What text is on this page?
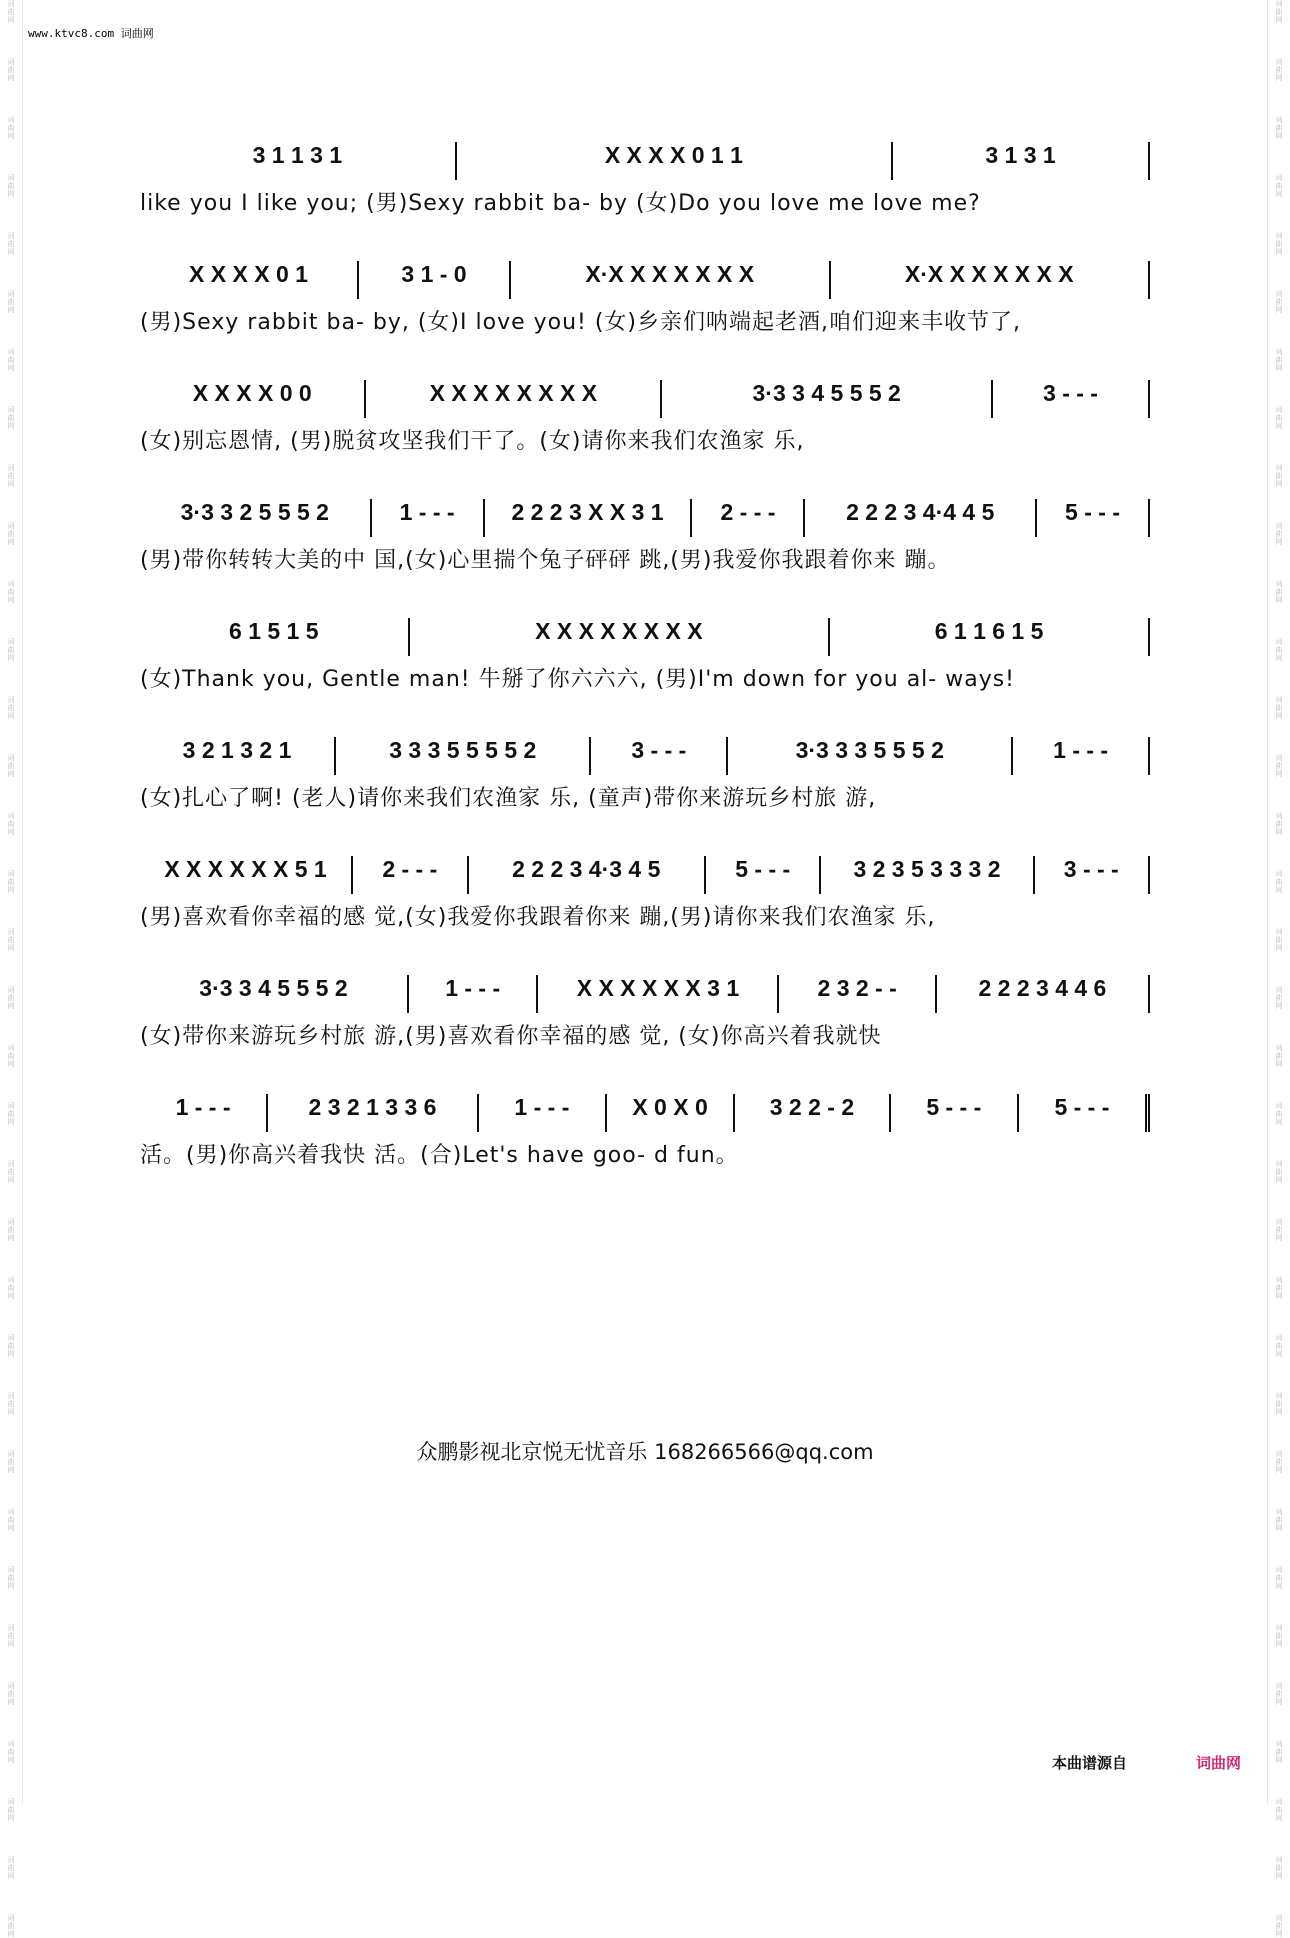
词
曲
网
词
曲
网
词
曲
网
词
曲
网
词
曲
网
词
曲
网
词
曲
网
词
曲
网
词
曲
网
词
曲
网
词
曲
网
词
曲
网
词
曲
网
词
曲
网
词
曲
网
词
曲
网
词
曲
网
词
曲
网
词
曲
网
词
曲
网
词
曲
网
词
曲
网
词
曲
网
词
曲
网
词
曲
网
词
曲
网
词
曲
网
词
曲
网
词
曲
网
词
曲
网
词
曲
网
词
曲
网
词
曲
网
词
曲
网
词
曲
网
词
曲
网
词
曲
网
词
曲
网
词
曲
网
词
曲
网
词
曲
网
词
曲
网
词
曲
网
词
曲
网
词
曲
网
词
曲
网
词
曲
网
词
曲
网
词
曲
网
词
曲
网
词
曲
网
词
曲
网
词
曲
网
词
曲
网
词
曲
网
词
曲
网
词
曲
网
词
曲
网
词
曲
网
词
曲
网
词
曲
网
词
曲
网
词
曲
网
词
曲
网
词
曲
网
词
曲
网
词
曲
网
词
曲
网
www.ktvc8.com 词曲网
3 1 1 3 1	X X X X 0 1 1	3 1 3 1
like you I like you; (男)Sexy rabbit ba- by (女)Do you love me love me?
X X X X 0 1	3 1 - 0	X·X X X X X X X	X·X X X X X X X
(男)Sexy rabbit ba- by, (女)I love you! (女)乡亲们呐端起老酒,咱们迎来丰收节了,
X X X X 0 0	X X X X X X X X	3·3 3 4 5 5 5 2	3 - - -
(女)别忘恩情, (男)脱贫攻坚我们干了。(女)请你来我们农渔家 乐,
3·3 3 2 5 5 5 2	1 - - -	2 2 2 3 X X 3 1	2 - - -	2 2 2 3 4·4 4 5	5 - - -
(男)带你转转大美的中 国,(女)心里揣个兔子砰砰 跳,(男)我爱你我跟着你来 蹦。
6 1 5 1 5	X X X X X X X X	6 1 1 6 1 5
(女)Thank you, Gentle man! 牛掰了你六六六, (男)I'm down for you al- ways!
3 2 1 3 2 1	3 3 3 5 5 5 5 2	3 - - -	3·3 3 3 5 5 5 2	1 - - -
(女)扎心了啊! (老人)请你来我们农渔家 乐, (童声)带你来游玩乡村旅 游,
X X X X X X 5 1	2 - - -	2 2 2 3 4·3 4 5	5 - - -	3 2 3 5 3 3 3 2	3 - - -
(男)喜欢看你幸福的感 觉,(女)我爱你我跟着你来 蹦,(男)请你来我们农渔家 乐,
3·3 3 4 5 5 5 2	1 - - -	X X X X X X 3 1	2 3 2 - -	2 2 2 3 4 4 6
(女)带你来游玩乡村旅 游,(男)喜欢看你幸福的感 觉, (女)你高兴着我就快
1 - - -	2 3 2 1 3 3 6	1 - - -	X 0 X 0	3 2 2 - 2	5 - - -	5 - - -
活。(男)你高兴着我快 活。(合)Let's have goo- d fun。
众鹏影视北京悦无忧音乐 168266566@qq.com
本曲谱源自	词曲网
